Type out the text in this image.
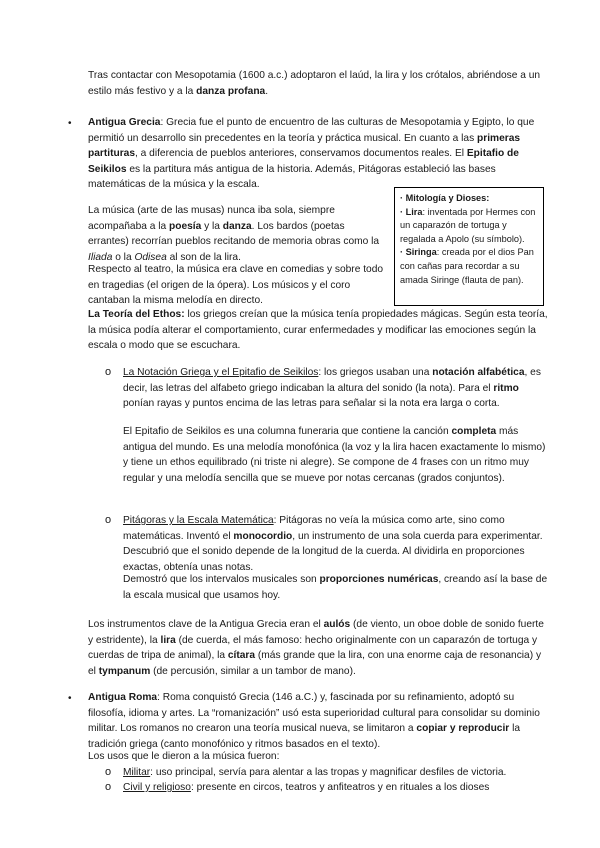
Tras contactar con Mesopotamia (1600 a.c.) adoptaron el laúd, la lira y los crótalos, abriéndose a un estilo más festivo y a la danza profana.

• Antigua Grecia: Grecia fue el punto de encuentro de las culturas de Mesopotamia y Egipto, lo que permitió un desarrollo sin precedentes en la teoría y práctica musical. En cuanto a las primeras partituras, a diferencia de pueblos anteriores, conservamos documentos reales. El Epitafio de Seikilos es la partitura más antigua de la historia. Además, Pitágoras estableció las bases matemáticas de la música y la escala.

La música (arte de las musas) nunca iba sola, siempre acompañaba a la poesía y la danza. Los bardos (poetas errantes) recorrían pueblos recitando de memoria obras como la Iliada o la Odisea al son de la lira.

Respecto al teatro, la música era clave en comedias y sobre todo en tragedias (el origen de la ópera). Los músicos y el coro cantaban la misma melodía en directo.

La Teoría del Ethos: los griegos creían que la música tenía propiedades mágicas. Según esta teoría, la música podía alterar el comportamiento, curar enfermedades y modificar las emociones según la escala o modo que se escuchara.

· Mitología y Dioses:

· Lira: inventada por Hermes con un caparazón de tortuga y regalada a Apolo (su símbolo).

· Siringa: creada por el dios Pan con cañas para recordar a su amada Siringe (flauta de pan).

o La Notación Griega y el Epitafio de Seikilos: los griegos usaban una notación alfabética, es decir, las letras del alfabeto griego indicaban la altura del sonido (la nota). Para el ritmo ponían rayas y puntos encima de las letras para señalar si la nota era larga o corta.

El Epitafio de Seikilos es una columna funeraria que contiene la canción completa más antigua del mundo. Es una melodía monofónica (la voz y la lira hacen exactamente lo mismo) y tiene un ethos equilibrado (ni triste ni alegre). Se compone de 4 frases con un ritmo muy regular y una melodía sencilla que se mueve por notas cercanas (grados conjuntos).

o Pitágoras y la Escala Matemática: Pitágoras no veía la música como arte, sino como matemáticas. Inventó el monocordio, un instrumento de una sola cuerda para experimentar. Descubrió que el sonido depende de la longitud de la cuerda. Al dividirla en proporciones exactas, obtenía unas notas.

Demostró que los intervalos musicales son proporciones numéricas, creando así la base de la escala musical que usamos hoy.

Los instrumentos clave de la Antigua Grecia eran el aulós (de viento, un oboe doble de sonido fuerte y estridente), la lira (de cuerda, el más famoso: hecho originalmente con un caparazón de tortuga y cuerdas de tripa de animal), la cítara (más grande que la lira, con una enorme caja de resonancia) y el tympanum (de percusión, similar a un tambor de mano).

• Antigua Roma: Roma conquistó Grecia (146 a.C.) y, fascinada por su refinamiento, adoptó su filosofía, idioma y artes. La “romanización” usó esta superioridad cultural para consolidar su dominio militar. Los romanos no crearon una teoría musical nueva, se limitaron a copiar y reproducir la tradición griega (canto monofónico y ritmos basados en el texto).

Los usos que le dieron a la música fueron:

o Militar: uso principal, servía para alentar a las tropas y magnificar desfiles de victoria.

o Civil y religioso: presente en circos, teatros y anfiteatros y en rituales a los dioses
